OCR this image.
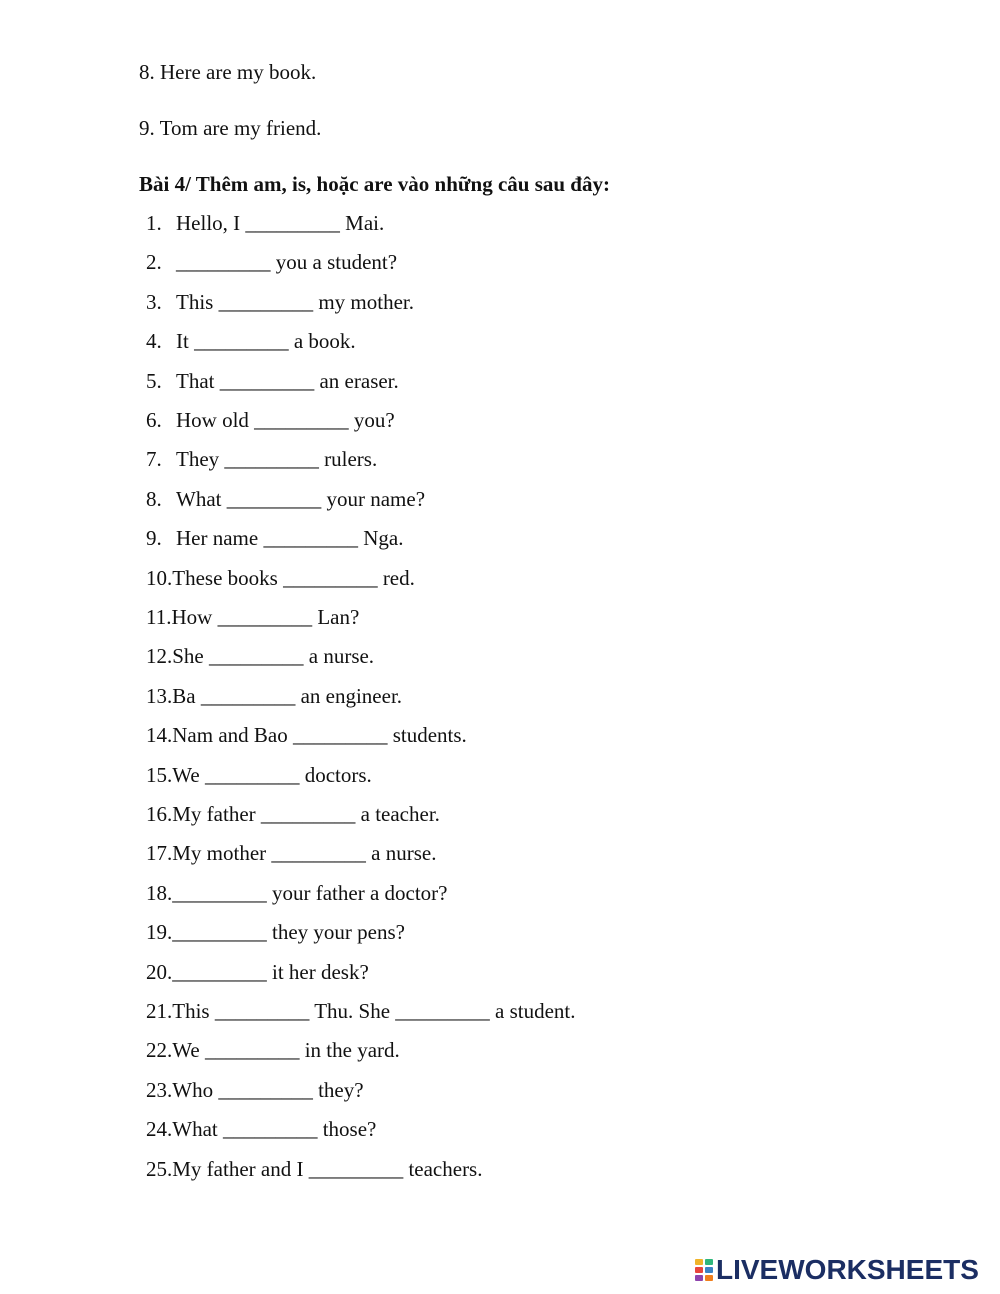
8. Here are my book.
9. Tom are my friend.
Bài 4/ Thêm am, is, hoặc are vào những câu sau đây:
1. Hello, I _________ Mai.
2. _________ you a student?
3. This _________ my mother.
4. It _________ a book.
5. That _________ an eraser.
6. How old _________ you?
7. They _________ rulers.
8. What _________ your name?
9. Her name _________ Nga.
10.These books _________ red.
11.How _________ Lan?
12.She _________ a nurse.
13.Ba _________ an engineer.
14.Nam and Bao _________ students.
15.We _________ doctors.
16.My father _________ a teacher.
17.My mother _________ a nurse.
18._________ your father a doctor?
19._________ they your pens?
20._________ it her desk?
21.This _________ Thu. She _________ a student.
22.We _________ in the yard.
23.Who _________ they?
24.What _________ those?
25.My father and I _________ teachers.
LIVEWORKSHEETS
